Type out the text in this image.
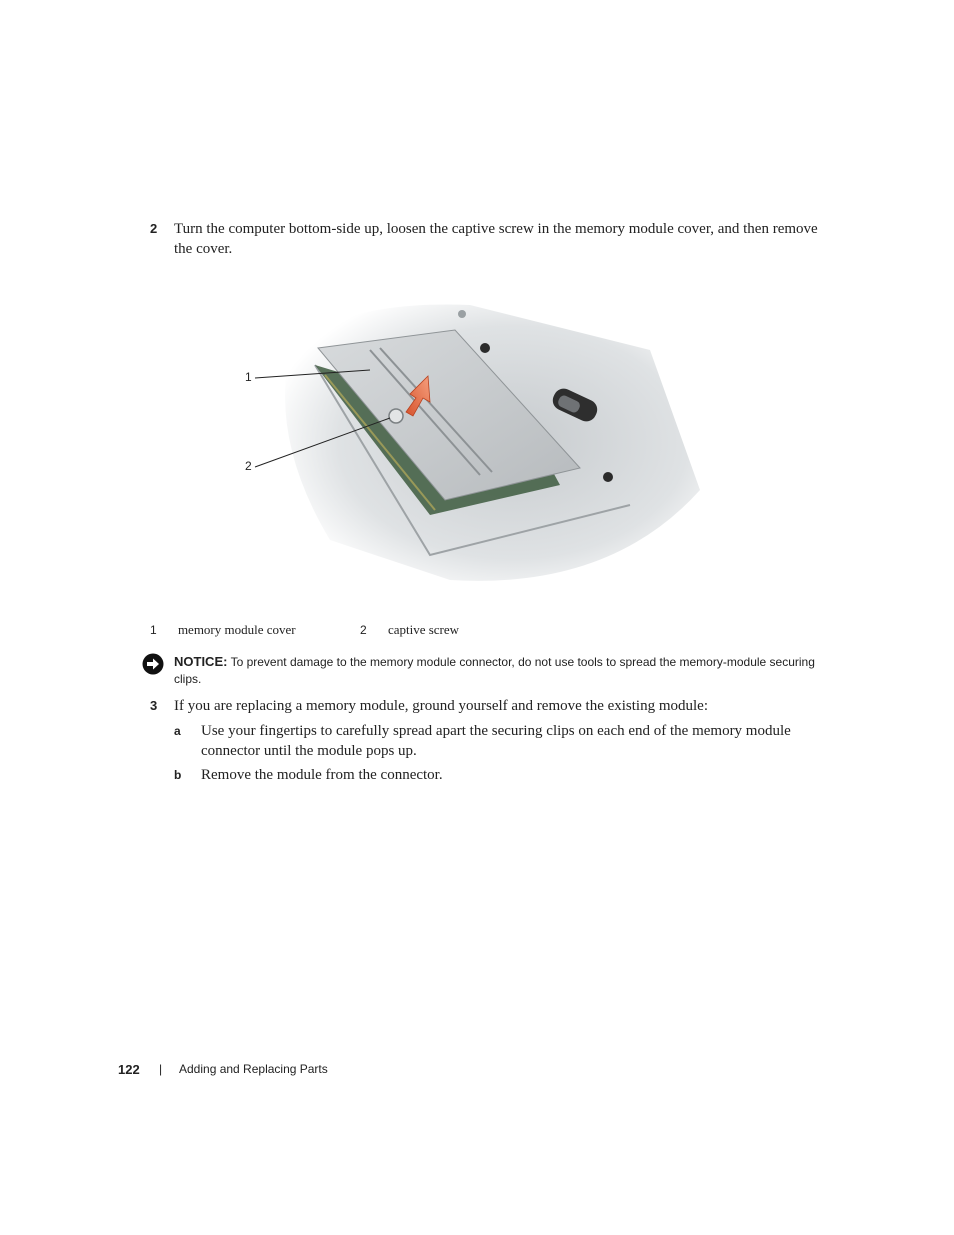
2 Turn the computer bottom-side up, loosen the captive screw in the memory module cover, and then remove the cover.
1
2
1 memory module cover	2 captive screw
NOTICE: To prevent damage to the memory module connector, do not use tools to spread the memory-module securing clips.
3 If you are replacing a memory module, ground yourself and remove the existing module:
a Use your fingertips to carefully spread apart the securing clips on each end of the memory module connector until the module pops up.
b Remove the module from the connector.
122 | Adding and Replacing Parts
